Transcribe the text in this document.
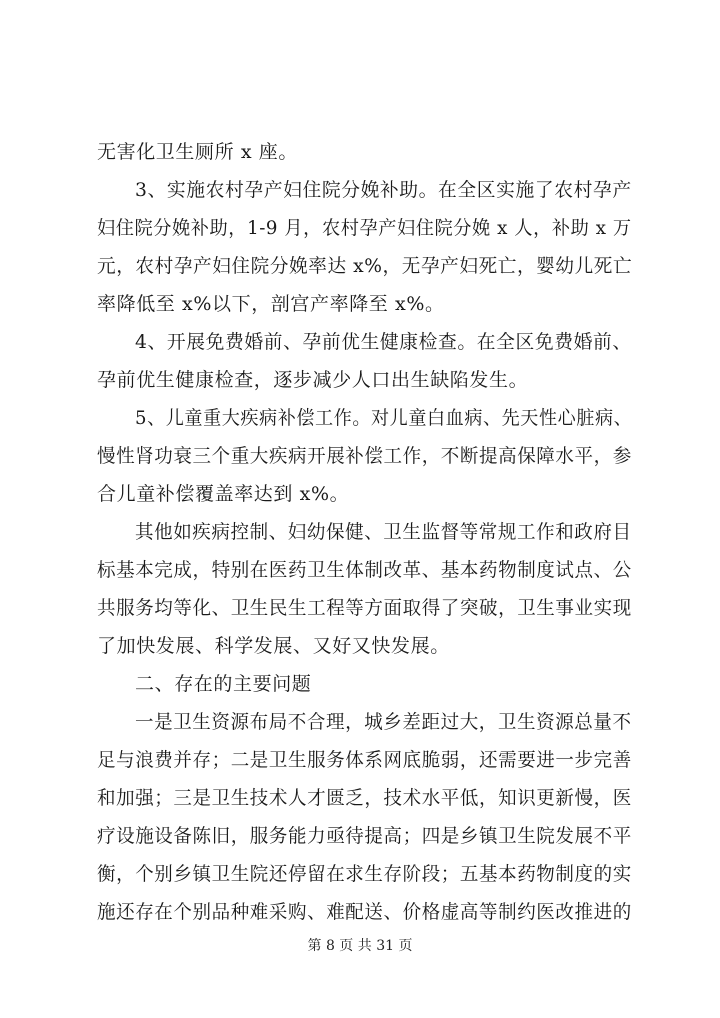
无害化卫生厕所 x 座。
3、实施农村孕产妇住院分娩补助。在全区实施了农村孕产
妇住院分娩补助，1-9 月，农村孕产妇住院分娩 x 人，补助 x 万
元，农村孕产妇住院分娩率达 x%，无孕产妇死亡，婴幼儿死亡
率降低至 x%以下，剖宫产率降至 x%。
4、开展免费婚前、孕前优生健康检查。在全区免费婚前、
孕前优生健康检查，逐步减少人口出生缺陷发生。
5、儿童重大疾病补偿工作。对儿童白血病、先天性心脏病、
慢性肾功衰三个重大疾病开展补偿工作，不断提高保障水平，参
合儿童补偿覆盖率达到 x%。
其他如疾病控制、妇幼保健、卫生监督等常规工作和政府目
标基本完成，特别在医药卫生体制改革、基本药物制度试点、公
共服务均等化、卫生民生工程等方面取得了突破，卫生事业实现
了加快发展、科学发展、又好又快发展。
二、存在的主要问题
一是卫生资源布局不合理，城乡差距过大，卫生资源总量不
足与浪费并存；二是卫生服务体系网底脆弱，还需要进一步完善
和加强；三是卫生技术人才匮乏，技术水平低，知识更新慢，医
疗设施设备陈旧，服务能力亟待提高；四是乡镇卫生院发展不平
衡，个别乡镇卫生院还停留在求生存阶段；五基本药物制度的实
施还存在个别品种难采购、难配送、价格虚高等制约医改推进的
第 8 页 共 31 页
